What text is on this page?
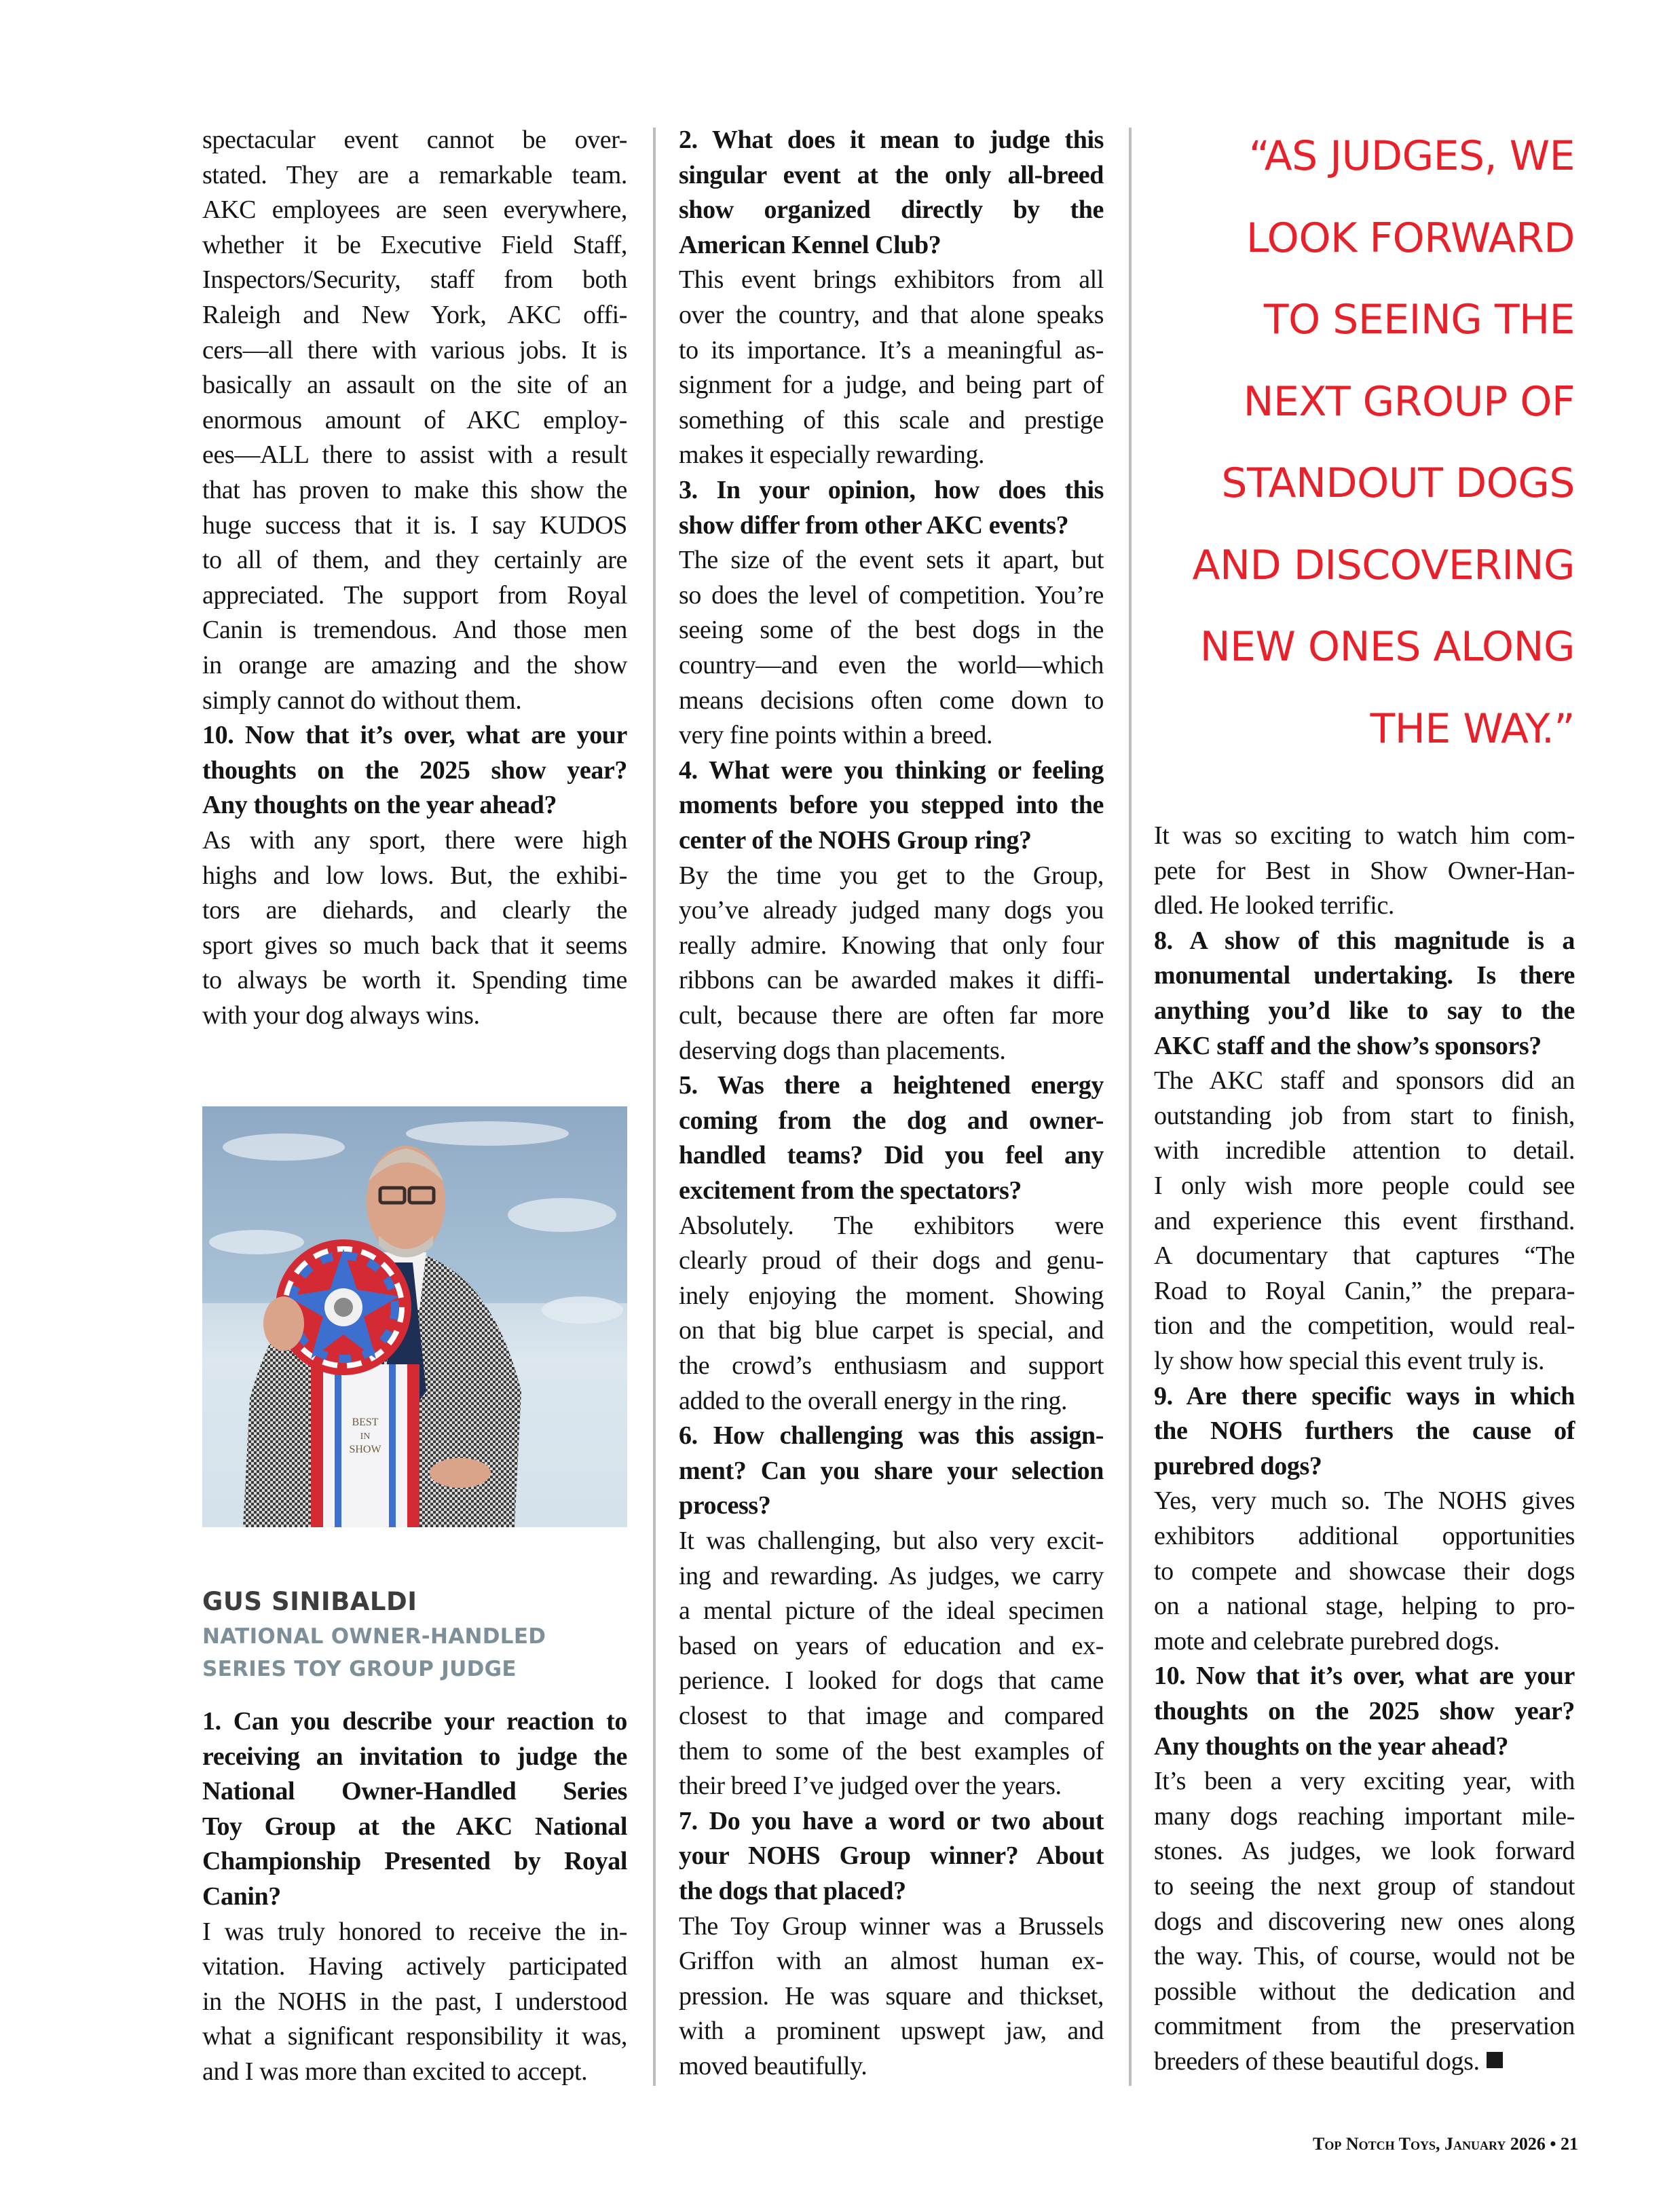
spectacular event cannot be over-
stated. They are a remarkable team.
AKC employees are seen everywhere,
whether it be Executive Field Staff,
Inspectors/Security, staff from both
Raleigh and New York, AKC offi-
cers—all there with various jobs. It is
basically an assault on the site of an
enormous amount of AKC employ-
ees—ALL there to assist with a result
that has proven to make this show the
huge success that it is. I say KUDOS
to all of them, and they certainly are
appreciated. The support from Royal
Canin is tremendous. And those men
in orange are amazing and the show
simply cannot do without them.
10. Now that it’s over, what are your
thoughts on the 2025 show year?
Any thoughts on the year ahead?
As with any sport, there were high
highs and low lows. But, the exhibi-
tors are diehards, and clearly the
sport gives so much back that it seems
to always be worth it. Spending time
with your dog always wins.
1. Can you describe your reaction to
receiving an invitation to judge the
National Owner-Handled Series
Toy Group at the AKC National
Championship Presented by Royal
Canin?
I was truly honored to receive the in-
vitation. Having actively participated
in the NOHS in the past, I understood
what a significant responsibility it was,
and I was more than excited to accept.
BEST
IN
SHOW
GUS SINIBALDI
NATIONAL OWNER-HANDLED
SERIES TOY GROUP JUDGE
2. What does it mean to judge this
singular event at the only all-breed
show organized directly by the
American Kennel Club?
This event brings exhibitors from all
over the country, and that alone speaks
to its importance. It’s a meaningful as-
signment for a judge, and being part of
something of this scale and prestige
makes it especially rewarding.
3. In your opinion, how does this
show differ from other AKC events?
The size of the event sets it apart, but
so does the level of competition. You’re
seeing some of the best dogs in the
country—and even the world—which
means decisions often come down to
very fine points within a breed.
4. What were you thinking or feeling
moments before you stepped into the
center of the NOHS Group ring?
By the time you get to the Group,
you’ve already judged many dogs you
really admire. Knowing that only four
ribbons can be awarded makes it diffi-
cult, because there are often far more
deserving dogs than placements.
5. Was there a heightened energy
coming from the dog and owner-
handled teams? Did you feel any
excitement from the spectators?
Absolutely. The exhibitors were
clearly proud of their dogs and genu-
inely enjoying the moment. Showing
on that big blue carpet is special, and
the crowd’s enthusiasm and support
added to the overall energy in the ring.
6. How challenging was this assign-
ment? Can you share your selection
process?
It was challenging, but also very excit-
ing and rewarding. As judges, we carry
a mental picture of the ideal specimen
based on years of education and ex-
perience. I looked for dogs that came
closest to that image and compared
them to some of the best examples of
their breed I’ve judged over the years.
7. Do you have a word or two about
your NOHS Group winner? About
the dogs that placed?
The Toy Group winner was a Brussels
Griffon with an almost human ex-
pression. He was square and thickset,
with a prominent upswept jaw, and
moved beautifully.
“AS JUDGES, WE
LOOK FORWARD
TO SEEING THE
NEXT GROUP OF
STANDOUT DOGS
AND DISCOVERING
NEW ONES ALONG
THE WAY.”
It was so exciting to watch him com-
pete for Best in Show Owner-Han-
dled. He looked terrific.
8. A show of this magnitude is a
monumental undertaking. Is there
anything you’d like to say to the
AKC staff and the show’s sponsors?
The AKC staff and sponsors did an
outstanding job from start to finish,
with incredible attention to detail.
I only wish more people could see
and experience this event firsthand.
A documentary that captures “The
Road to Royal Canin,” the prepara-
tion and the competition, would real-
ly show how special this event truly is.
9. Are there specific ways in which
the NOHS furthers the cause of
purebred dogs?
Yes, very much so. The NOHS gives
exhibitors additional opportunities
to compete and showcase their dogs
on a national stage, helping to pro-
mote and celebrate purebred dogs.
10. Now that it’s over, what are your
thoughts on the 2025 show year?
Any thoughts on the year ahead?
It’s been a very exciting year, with
many dogs reaching important mile-
stones. As judges, we look forward
to seeing the next group of standout
dogs and discovering new ones along
the way. This, of course, would not be
possible without the dedication and
commitment from the preservation
breeders of these beautiful dogs.
Top Notch Toys, January 2026 • 21
